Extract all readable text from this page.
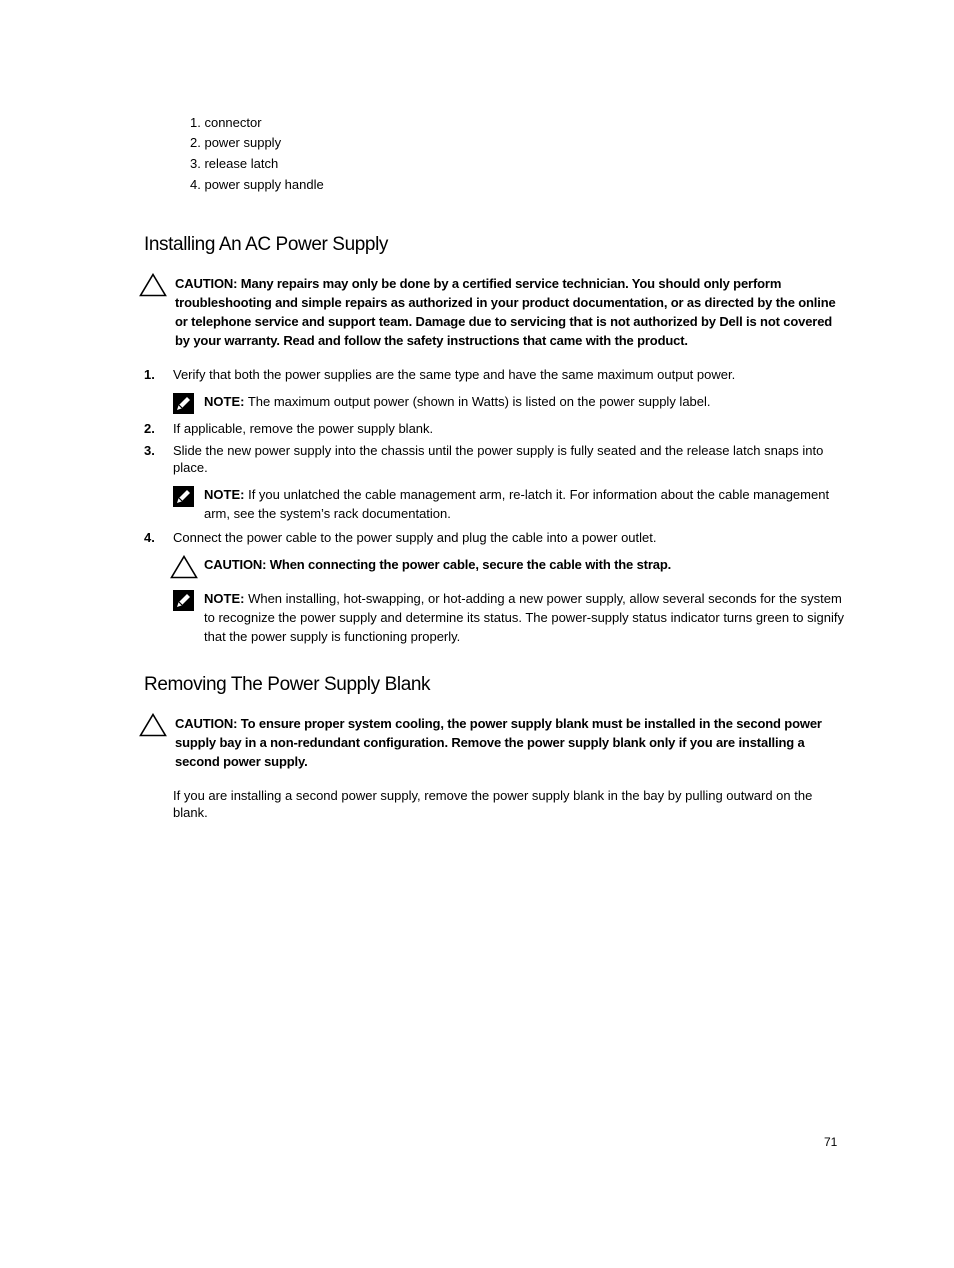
1. connector
2. power supply
3. release latch
4. power supply handle
Installing An AC Power Supply
CAUTION: Many repairs may only be done by a certified service technician. You should only perform troubleshooting and simple repairs as authorized in your product documentation, or as directed by the online or telephone service and support team. Damage due to servicing that is not authorized by Dell is not covered by your warranty. Read and follow the safety instructions that came with the product.
1. Verify that both the power supplies are the same type and have the same maximum output power.
NOTE: The maximum output power (shown in Watts) is listed on the power supply label.
2. If applicable, remove the power supply blank.
3. Slide the new power supply into the chassis until the power supply is fully seated and the release latch snaps into place.
NOTE: If you unlatched the cable management arm, re-latch it. For information about the cable management arm, see the system’s rack documentation.
4. Connect the power cable to the power supply and plug the cable into a power outlet.
CAUTION: When connecting the power cable, secure the cable with the strap.
NOTE: When installing, hot-swapping, or hot-adding a new power supply, allow several seconds for the system to recognize the power supply and determine its status. The power-supply status indicator turns green to signify that the power supply is functioning properly.
Removing The Power Supply Blank
CAUTION: To ensure proper system cooling, the power supply blank must be installed in the second power supply bay in a non-redundant configuration. Remove the power supply blank only if you are installing a second power supply.
If you are installing a second power supply, remove the power supply blank in the bay by pulling outward on the blank.
71
